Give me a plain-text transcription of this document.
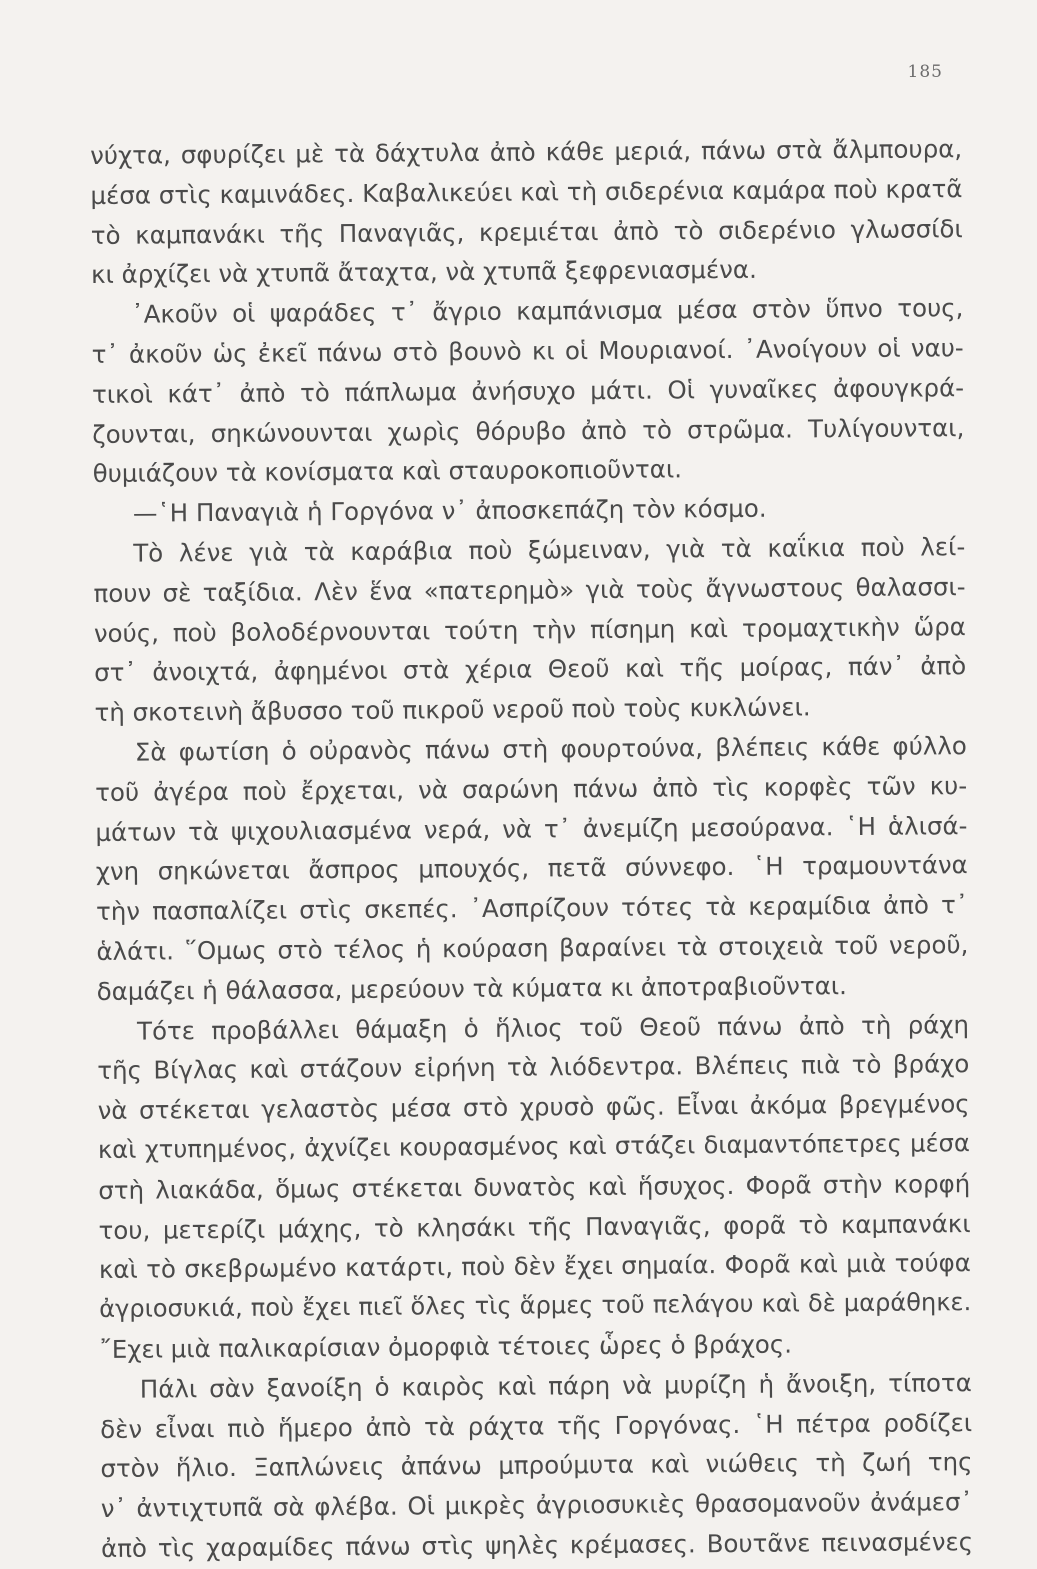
185
νύχτα, σφυρίζει μὲ τὰ δάχτυλα ἀπὸ κάθε μεριά, πάνω στὰ ἄλμπουρα,
μέσα στὶς καμινάδες. Καβαλικεύει καὶ τὴ σιδερένια καμάρα ποὺ κρατᾶ
τὸ καμπανάκι τῆς Παναγιᾶς, κρεμιέται ἀπὸ τὸ σιδερένιο γλωσσίδι
κι ἀρχίζει νὰ χτυπᾶ ἄταχτα, νὰ χτυπᾶ ξεφρενιασμένα.
᾿Ακοῦν οἱ ψαράδες τ᾿ ἄγριο καμπάνισμα μέσα στὸν ὕπνο τους,
τ᾿ ἀκοῦν ὡς ἐκεῖ πάνω στὸ βουνὸ κι οἱ Μουριανοί. ᾿Ανοίγουν οἱ ναυ-
τικοὶ κάτ᾿ ἀπὸ τὸ πάπλωμα ἀνήσυχο μάτι. Οἱ γυναῖκες ἀφουγκρά-
ζουνται, σηκώνουνται χωρὶς θόρυβο ἀπὸ τὸ στρῶμα. Τυλίγουνται,
θυμιάζουν τὰ κονίσματα καὶ σταυροκοπιοῦνται.
—῾Η Παναγιὰ ἡ Γοργόνα ν᾿ ἀποσκεπάζη τὸν κόσμο.
Τὸ λένε γιὰ τὰ καράβια ποὺ ξώμειναν, γιὰ τὰ καΐκια ποὺ λεί-
πουν σὲ ταξίδια. Λὲν ἕνα «πατερημὸ» γιὰ τοὺς ἄγνωστους θαλασσι-
νούς, ποὺ βολοδέρνουνται τούτη τὴν πίσημη καὶ τρομαχτικὴν ὥρα
στ᾿ ἀνοιχτά, ἀφημένοι στὰ χέρια Θεοῦ καὶ τῆς μοίρας, πάν᾿ ἀπὸ
τὴ σκοτεινὴ ἄβυσσο τοῦ πικροῦ νεροῦ ποὺ τοὺς κυκλώνει.
Σὰ φωτίση ὁ οὐρανὸς πάνω στὴ φουρτούνα, βλέπεις κάθε φύλλο
τοῦ ἀγέρα ποὺ ἔρχεται, νὰ σαρώνη πάνω ἀπὸ τὶς κορφὲς τῶν κυ-
μάτων τὰ ψιχουλιασμένα νερά, νὰ τ᾿ ἀνεμίζη μεσούρανα. ῾Η ἁλισά-
χνη σηκώνεται ἄσπρος μπουχός, πετᾶ σύννεφο. ῾Η τραμουντάνα
τὴν πασπαλίζει στὶς σκεπές. ᾿Ασπρίζουν τότες τὰ κεραμίδια ἀπὸ τ᾿
ἁλάτι. ῞Ομως στὸ τέλος ἡ κούραση βαραίνει τὰ στοιχειὰ τοῦ νεροῦ,
δαμάζει ἡ θάλασσα, μερεύουν τὰ κύματα κι ἀποτραβιοῦνται.
Τότε προβάλλει θάμαξη ὁ ἥλιος τοῦ Θεοῦ πάνω ἀπὸ τὴ ράχη
τῆς Βίγλας καὶ στάζουν εἰρήνη τὰ λιόδεντρα. Βλέπεις πιὰ τὸ βράχο
νὰ στέκεται γελαστὸς μέσα στὸ χρυσὸ φῶς. Εἶναι ἀκόμα βρεγμένος
καὶ χτυπημένος, ἀχνίζει κουρασμένος καὶ στάζει διαμαντόπετρες μέσα
στὴ λιακάδα, ὅμως στέκεται δυνατὸς καὶ ἥσυχος. Φορᾶ στὴν κορφή
του, μετερίζι μάχης, τὸ κλησάκι τῆς Παναγιᾶς, φορᾶ τὸ καμπανάκι
καὶ τὸ σκεβρωμένο κατάρτι, ποὺ δὲν ἔχει σημαία. Φορᾶ καὶ μιὰ τούφα
ἀγριοσυκιά, ποὺ ἔχει πιεῖ ὅλες τὶς ἅρμες τοῦ πελάγου καὶ δὲ μαράθηκε.
῎Εχει μιὰ παλικαρίσιαν ὀμορφιὰ τέτοιες ὧρες ὁ βράχος.
Πάλι σὰν ξανοίξη ὁ καιρὸς καὶ πάρη νὰ μυρίζη ἡ ἄνοιξη, τίποτα
δὲν εἶναι πιὸ ἥμερο ἀπὸ τὰ ράχτα τῆς Γοργόνας. ῾Η πέτρα ροδίζει
στὸν ἥλιο. Ξαπλώνεις ἀπάνω μπρούμυτα καὶ νιώθεις τὴ ζωή της
ν᾿ ἀντιχτυπᾶ σὰ φλέβα. Οἱ μικρὲς ἀγριοσυκιὲς θρασομανοῦν ἀνάμεσ᾿
ἀπὸ τὶς χαραμίδες πάνω στὶς ψηλὲς κρέμασες. Βουτᾶνε πεινασμένες
